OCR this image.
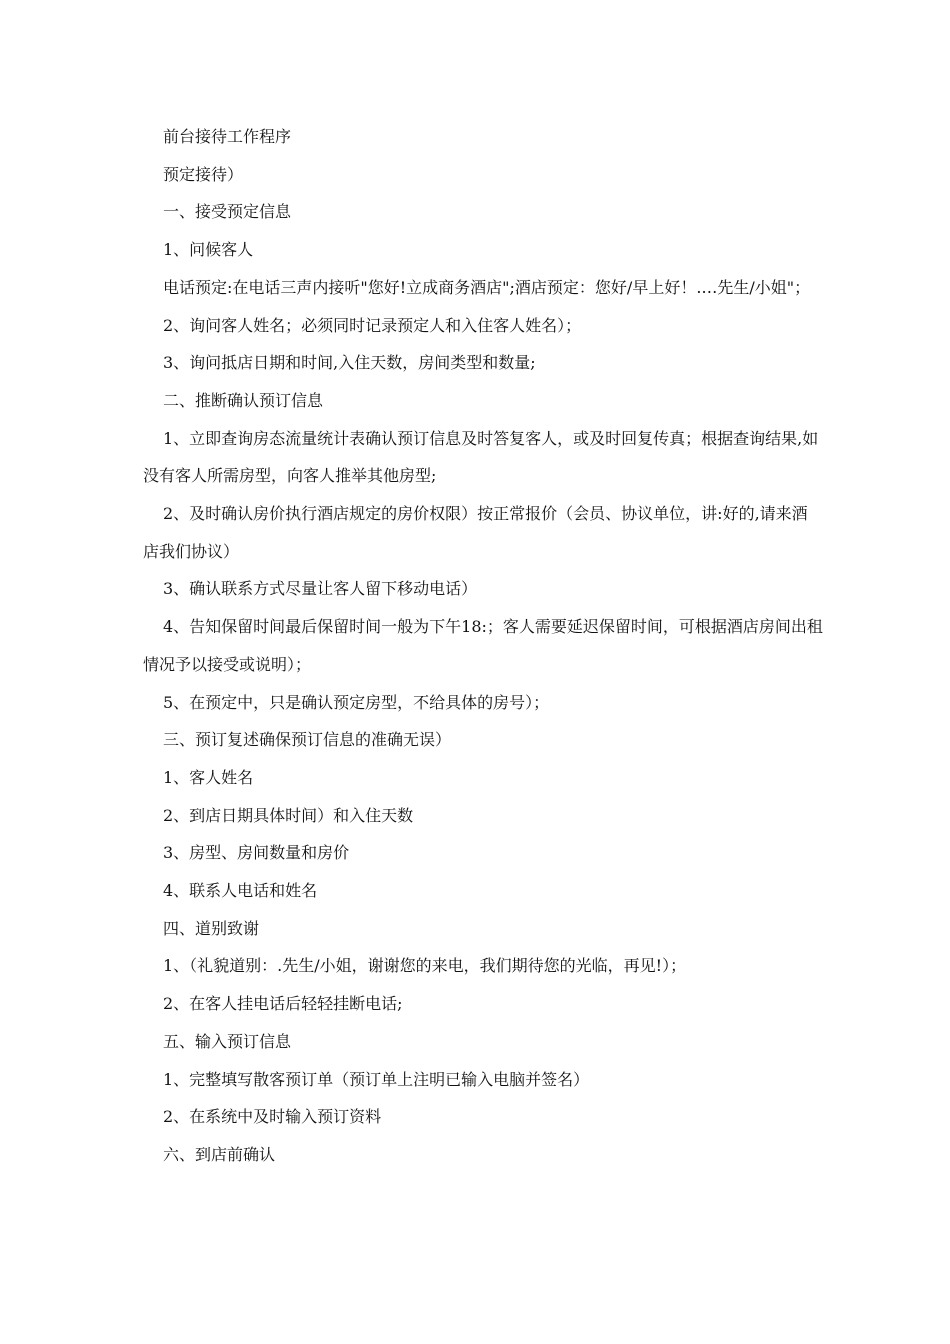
前台接待工作程序

预定接待）

一、接受预定信息

1、问候客人

电话预定:在电话三声内接听"您好!立成商务酒店";酒店预定：您好/早上好！.…先生/小姐"；

2、询问客人姓名；必须同时记录预定人和入住客人姓名）；

3、询问抵店日期和时间,入住天数，房间类型和数量;

二、推断确认预订信息

1、立即查询房态流量统计表确认预订信息及时答复客人，或及时回复传真；根据查询结果,如没有客人所需房型，向客人推举其他房型;

2、及时确认房价执行酒店规定的房价权限）按正常报价（会员、协议单位，讲:好的,请来酒店我们协议）

3、确认联系方式尽量让客人留下移动电话）

4、告知保留时间最后保留时间一般为下午18:；客人需要延迟保留时间，可根据酒店房间出租情况予以接受或说明）；

5、在预定中，只是确认预定房型，不给具体的房号）；

三、预订复述确保预订信息的准确无误）

1、客人姓名

2、到店日期具体时间）和入住天数

3、房型、房间数量和房价

4、联系人电话和姓名

四、道别致谢

1、（礼貌道别：.先生/小姐，谢谢您的来电，我们期待您的光临，再见!）；

2、在客人挂电话后轻轻挂断电话;

五、输入预订信息

1、完整填写散客预订单（预订单上注明已输入电脑并签名）

2、在系统中及时输入预订资料

六、到店前确认
